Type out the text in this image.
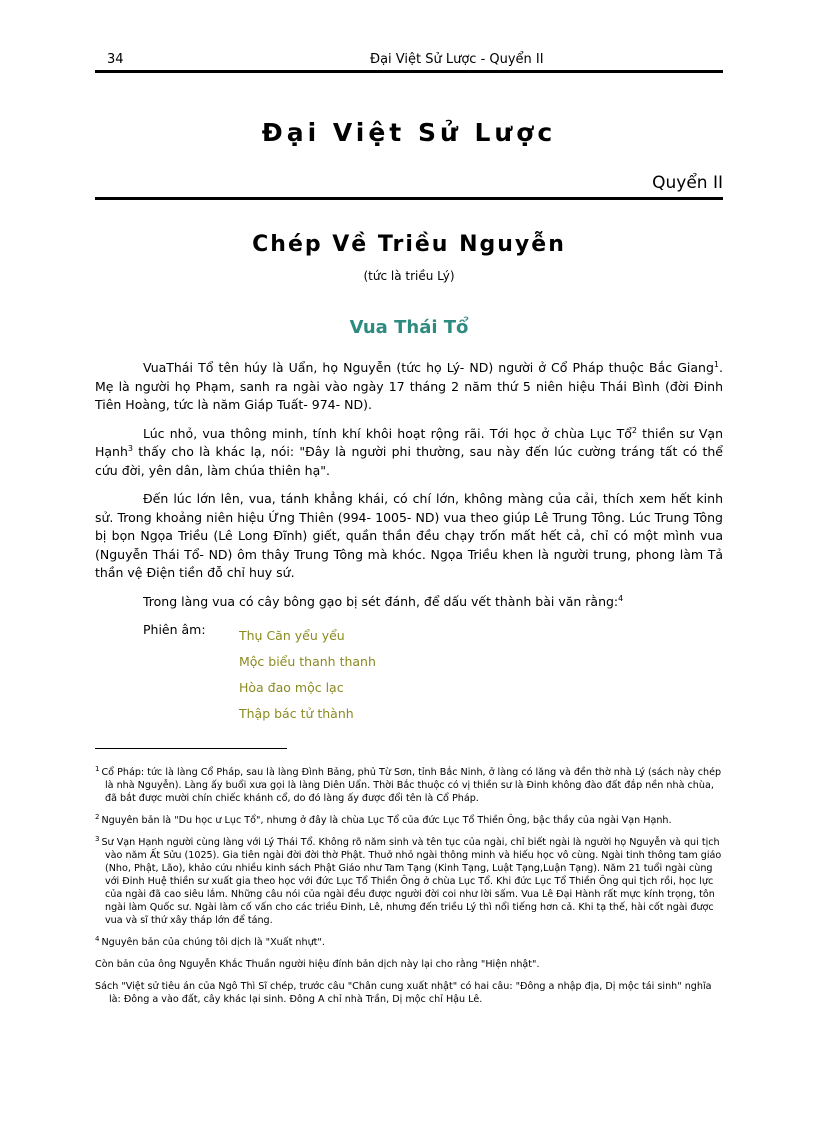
34	Đại Việt Sử Lược - Quyển II
Đại Việt Sử Lược
Quyển II
Chép Về Triều Nguyễn
(tức là triều Lý)
Vua Thái Tổ

VuaThái Tổ tên húy là Uẩn, họ Nguyễn (tức họ Lý- ND) người ở Cổ Pháp thuộc Bắc Giang$^1$. Mẹ là người họ Phạm, sanh ra ngài vào ngày 17 tháng 2 năm thứ 5 niên hiệu Thái Bình (đời Đinh Tiên Hoàng, tức là năm Giáp Tuất- 974- ND).

Lúc nhỏ, vua thông minh, tính khí khôi hoạt rộng rãi. Tới học ở chùa Lục Tổ$^2$ thiền sư Vạn Hạnh$^3$ thấy cho là khác lạ, nói: "Đây là người phi thường, sau này đến lúc cường tráng tất có thể cứu đời, yên dân, làm chúa thiên hạ".

Đến lúc lớn lên, vua, tánh khẳng khái, có chí lớn, không màng của cải, thích xem hết kinh sử. Trong khoảng niên hiệu Ứng Thiên (994- 1005- ND) vua theo giúp Lê Trung Tông. Lúc Trung Tông bị bọn Ngọa Triều (Lê Long Đĩnh) giết, quần thần đều chạy trốn mất hết cả, chỉ có một mình vua (Nguyễn Thái Tổ- ND) ôm thây Trung Tông mà khóc. Ngọa Triều khen là người trung, phong làm Tả thần vệ Điện tiền đỗ chỉ huy sứ.

Trong làng vua có cây bông gạo bị sét đánh, để dấu vết thành bài văn rằng:$^4$

Phiên âm:	Thụ Căn yểu yểu
Mộc biểu thanh thanh
Hòa đao mộc lạc
Thập bác tử thành
$^1$ Cổ Pháp: tức là làng Cổ Pháp, sau là làng Đình Bảng, phủ Từ Sơn, tỉnh Bắc Ninh, ở làng có lăng và đền thờ nhà Lý (sách này chép là nhà Nguyễn). Làng ấy buổi xưa gọi là làng Diên Uẩn. Thời Bắc thuộc có vị thiền sư là Đinh không đào đất đắp nền nhà chùa, đã bắt được mười chín chiếc khánh cổ, do đó làng ấy được đổi tên là Cổ Pháp.
$^2$ Nguyên bản là "Du học ư Lục Tổ", nhưng ở đây là chùa Lục Tổ của đức Lục Tổ Thiền Ông, bậc thầy của ngài Vạn Hạnh.
$^3$ Sư Vạn Hạnh người cùng làng với Lý Thái Tổ. Không rõ năm sinh và tên tục của ngài, chỉ biết ngài là người họ Nguyễn và qui tịch vào năm Ất Sửu (1025). Gia tiên ngài đời đời thờ Phật. Thuở nhỏ ngài thông minh và hiếu học vô cùng. Ngài tinh thông tam giáo (Nho, Phật, Lão), khảo cứu nhiều kinh sách Phật Giáo như Tam Tạng (Kinh Tạng, Luật Tạng,Luận Tạng). Năm 21 tuổi ngài cùng với Đinh Huệ thiền sư xuất gia theo học với đức Lục Tổ Thiền Ông ở chùa Lục Tổ. Khi đức Lục Tổ Thiền Ông qui tịch rồi, học lực của ngài đã cao siêu lắm. Những câu nói của ngài đều được người đời coi như lời sấm. Vua Lê Đại Hành rất mực kính trọng, tôn ngài làm Quốc sư. Ngài làm cố vấn cho các triều Đinh, Lê, nhưng đến triều Lý thì nổi tiếng hơn cả. Khi tạ thế, hài cốt ngài được vua và sĩ thứ xây tháp lớn để táng.
$^4$ Nguyên bản của chúng tôi dịch là "Xuất nhựt".
Còn bản của ông Nguyễn Khắc Thuần người hiệu đính bản dịch này lại cho rằng "Hiện nhật".
Sách "Việt sử tiêu án của Ngô Thì Sĩ chép, trước câu "Chân cung xuất nhật" có hai câu: "Đông a nhập địa, Dị mộc tái sinh" nghĩa là: Đông a vào đất, cây khác lại sinh. Đông A chỉ nhà Trần, Dị mộc chỉ Hậu Lê.
